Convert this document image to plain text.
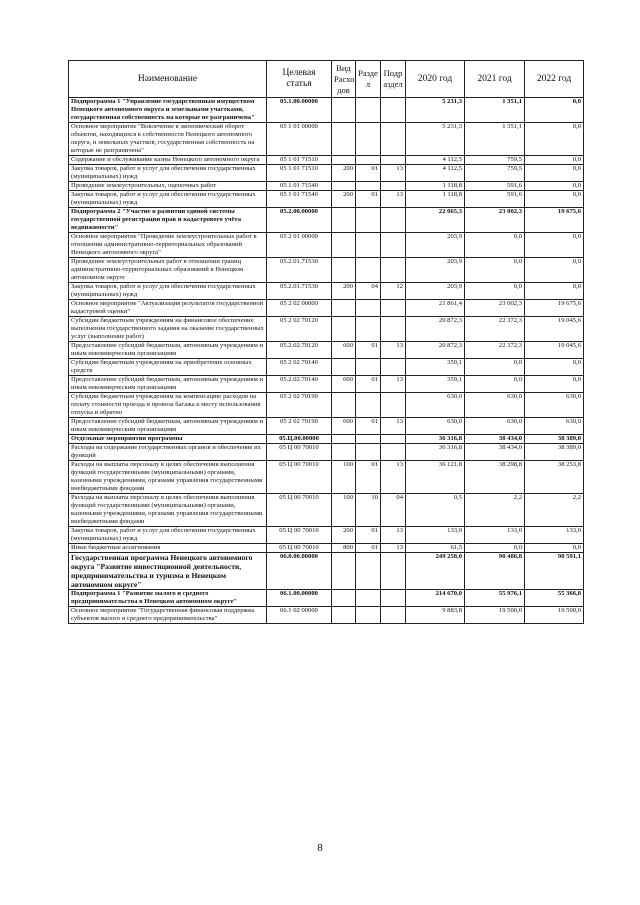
Наименование	Целевая статья	Вид Расхо дов	Разде л	Подр аздел	2020 год	2021 год	2022 год
Подпрограмма 1 "Управление государственным имуществом Ненецкого автономного округа и земельными участками, государственная собственность на которые не разграничена"	05.1.00.00000				5 231,3	1 351,1	0,0
Основное мероприятие "Вовлечение в экономический оборот объектов, находящихся в собственности Ненецкого автономного округа, и земельных участков, государственная собственность на которые не разграничена"	05 1 01 00000				5 231,3	1 351,1	0,0
Содержание и обслуживание казны Ненецкого автономного округа	05 1 01 71510				4 112,5	759,5	0,0
Закупка товаров, работ и услуг для обеспечения государственных (муниципальных) нужд	05 1 01 71510	200	01	13	4 112,5	759,5	0,0
Проведение землеустроительных, оценочных работ	05 1 01 71540				1 118,8	591,6	0,0
Закупка товаров, работ и услуг для обеспечения государственных (муниципальных) нужд	05 1 01 71540	200	01	13	1 118,8	591,6	0,0
Подпрограмма 2 "Участие в развитии единой системы государственной регистрации прав и кадастрового учёта недвижимости"	05.2.00.00000				22 065,3	23 002,3	19 675,6
Основное мероприятие "Проведение землеустроительных работ в отношении административно-территориальных образований Ненецкого автономного округа"	05 2 01 00000				203,9	0,0	0,0
Проведение землеустроительных работ в отношении границ административно-территориальных образований в Ненецком автономном округе	05.2.01.71530				203,9	0,0	0,0
Закупка товаров, работ и услуг для обеспечения государственных (муниципальных) нужд	05.2.01.71530	200	04	12	203,9	0,0	0,0
Основное мероприятие "Актуализация результатов государственной кадастровой оценки"	05 2 02 00000				21 861,4	23 002,3	19 675,6
Субсидии бюджетным учреждениям на финансовое обеспечение выполнения государственного задания на оказание государственных услуг (выполнение работ)	05 2 02 70120				20 872,3	22 372,3	19 045,6
Предоставление субсидий бюджетным, автономным учреждениям и иным некоммерческим организациям	05.2.02.70120	600	01	13	20 872,3	22 372,3	19 045,6
Субсидии бюджетным учреждениям на приобретение основных средств	05 2 02 70140				359,1	0,0	0,0
Предоставление субсидий бюджетным, автономным учреждениям и иным некоммерческим организациям	05.2.02.70140	600	01	13	359,1	0,0	0,0
Субсидии бюджетным учреждениям на компенсацию расходов на оплату стоимости проезда и провоза багажа к месту использования отпуска и обратно	05 2 02 70190				630,0	630,0	630,0
Предоставление субсидий бюджетным, автономным учреждениям и иным некоммерческим организациям	05 2 02 70190	600	01	13	630,0	630,0	630,0
Отдельные мероприятия программы	05.Ц.00.00000				36 316,8	38 434,0	38 389,0
Расходы на содержание государственных органов и обеспечение их функций	05 Ц 00 70010				36 316,8	38 434,0	38 389,0
Расходы на выплаты персоналу в целях обеспечения выполнения функций государственными (муниципальными) органами, казенными учреждениями, органами управления государственными внебюджетными фондами	05 Ц 00 70010	100	01	13	36 121,8	38 298,8	38 253,8
Расходы на выплаты персоналу в целях обеспечения выполнения функций государственными (муниципальными) органами, казенными учреждениями, органами управления государственными внебюджетными фондами	05 Ц 00 70010	100	10	04	0,5	2,2	2,2
Закупка товаров, работ и услуг для обеспечения государственных (муниципальных) нужд	05 Ц 00 70010	200	01	13	133,0	133,0	133,0
Иные бюджетные ассигнования	05 Ц 00 70010	800	01	13	61,5	0,0	0,0
Государственная программа Ненецкого автономного округа "Развитие инвестиционной деятельности, предпринимательства и туризма в Ненецком автономном округе"	06.0.00.00000				249 258,0	90 486,8	90 591,1
Подпрограмма 1 "Развитие малого и среднего предпринимательства в Ненецком автономном округе"	06.1.00.00000				214 670,0	55 976,1	55 366,8
Основное мероприятие "Государственная финансовая поддержка субъектов малого и среднего предпринимательства"	06.1 02 00000				9 883,8	19 500,0	19 500,0
8
